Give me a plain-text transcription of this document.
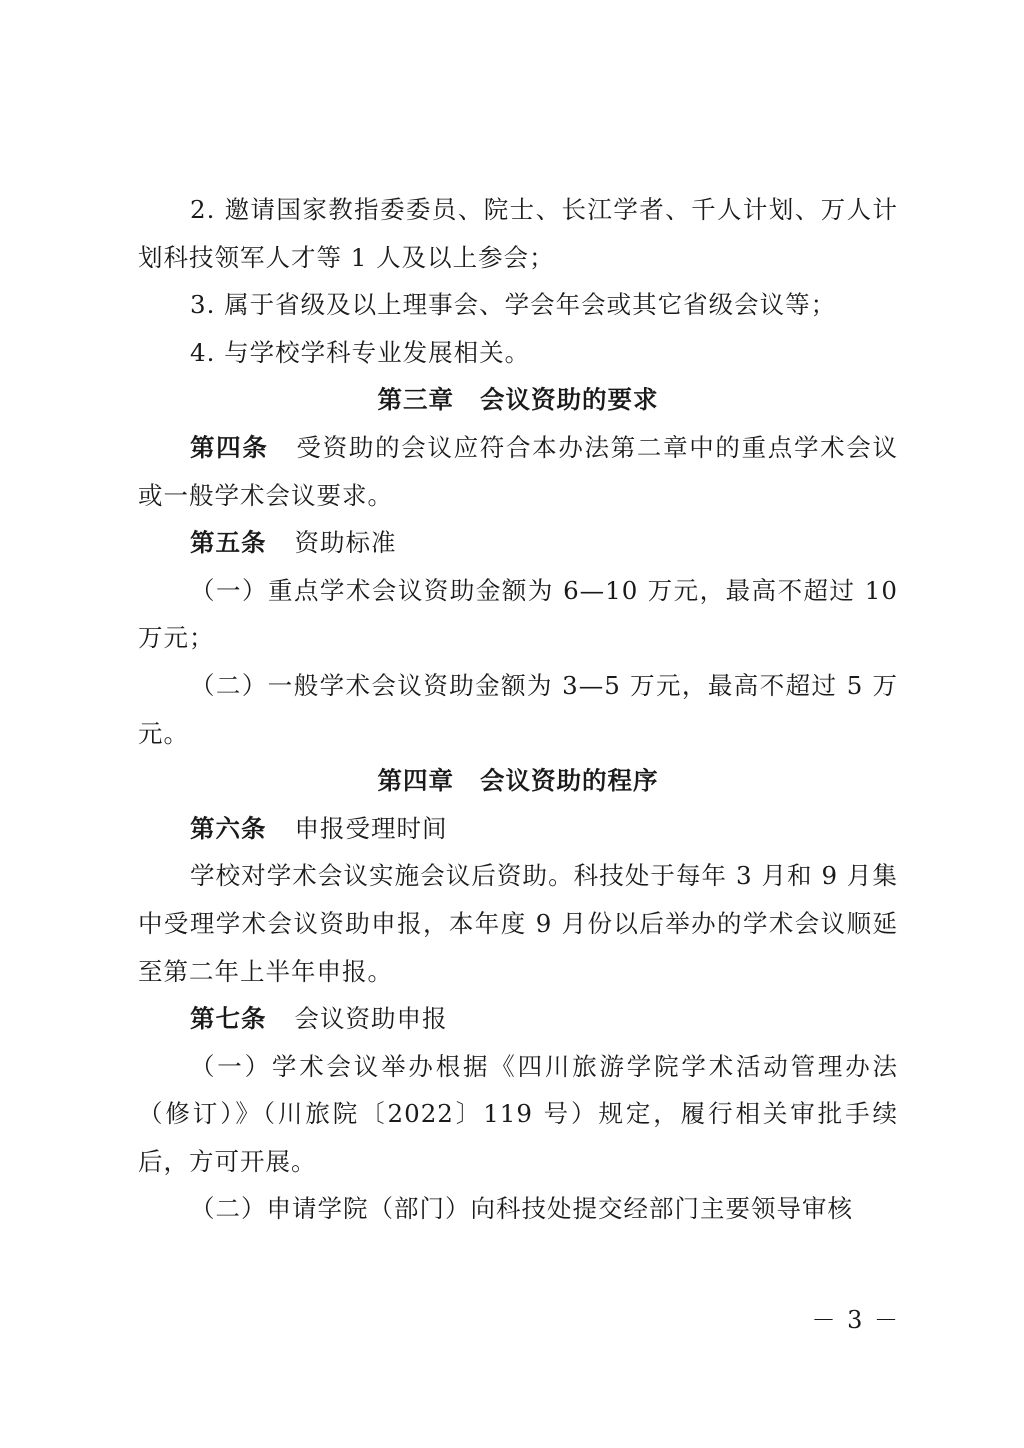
2. 邀请国家教指委委员、院士、长江学者、千人计划、万人计划科技领军人才等 1 人及以上参会；

3. 属于省级及以上理事会、学会年会或其它省级会议等；

4. 与学校学科专业发展相关。

第三章 会议资助的要求

第四条 受资助的会议应符合本办法第二章中的重点学术会议或一般学术会议要求。

第五条 资助标准

（一）重点学术会议资助金额为 6—10 万元，最高不超过 10 万元；

（二）一般学术会议资助金额为 3—5 万元，最高不超过 5 万元。

第四章 会议资助的程序

第六条 申报受理时间

学校对学术会议实施会议后资助。科技处于每年 3 月和 9 月集中受理学术会议资助申报，本年度 9 月份以后举办的学术会议顺延至第二年上半年申报。

第七条 会议资助申报

（一）学术会议举办根据《四川旅游学院学术活动管理办法（修订）》（川旅院〔2022〕119 号）规定，履行相关审批手续后，方可开展。

（二）申请学院（部门）向科技处提交经部门主要领导审核

－ 3 －
